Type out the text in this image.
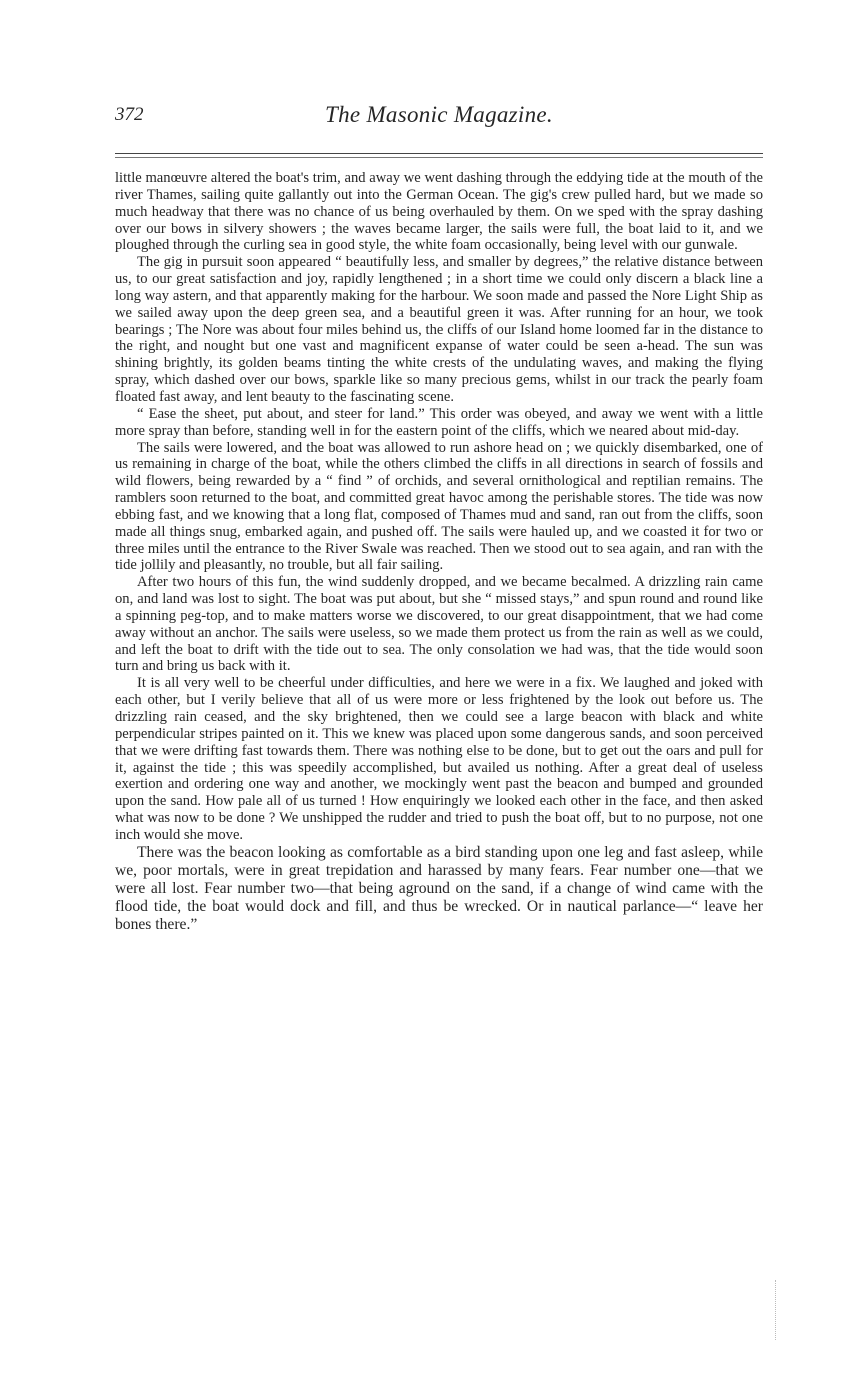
372	The Masonic Magazine.

little manœuvre altered the boat's trim, and away we went dashing through the eddying tide at the mouth of the river Thames, sailing quite gallantly out into the German Ocean. The gig's crew pulled hard, but we made so much headway that there was no chance of us being overhauled by them. On we sped with the spray dashing over our bows in silvery showers ; the waves became larger, the sails were full, the boat laid to it, and we ploughed through the curling sea in good style, the white foam occasionally, being level with our gunwale.

The gig in pursuit soon appeared “ beautifully less, and smaller by degrees,” the relative distance between us, to our great satisfaction and joy, rapidly lengthened ; in a short time we could only discern a black line a long way astern, and that apparently making for the harbour. We soon made and passed the Nore Light Ship as we sailed away upon the deep green sea, and a beautiful green it was. After running for an hour, we took bearings ; The Nore was about four miles behind us, the cliffs of our Island home loomed far in the distance to the right, and nought but one vast and magnificent expanse of water could be seen a-head. The sun was shining brightly, its golden beams tinting the white crests of the undulating waves, and making the flying spray, which dashed over our bows, sparkle like so many precious gems, whilst in our track the pearly foam floated fast away, and lent beauty to the fascinating scene.

“ Ease the sheet, put about, and steer for land.” This order was obeyed, and away we went with a little more spray than before, standing well in for the eastern point of the cliffs, which we neared about mid-day.

The sails were lowered, and the boat was allowed to run ashore head on ; we quickly disembarked, one of us remaining in charge of the boat, while the others climbed the cliffs in all directions in search of fossils and wild flowers, being rewarded by a “ find ” of orchids, and several ornithological and reptilian remains. The ramblers soon returned to the boat, and committed great havoc among the perishable stores. The tide was now ebbing fast, and we knowing that a long flat, composed of Thames mud and sand, ran out from the cliffs, soon made all things snug, embarked again, and pushed off. The sails were hauled up, and we coasted it for two or three miles until the entrance to the River Swale was reached. Then we stood out to sea again, and ran with the tide jollily and pleasantly, no trouble, but all fair sailing.

After two hours of this fun, the wind suddenly dropped, and we became becalmed. A drizzling rain came on, and land was lost to sight. The boat was put about, but she “ missed stays,” and spun round and round like a spinning peg-top, and to make matters worse we discovered, to our great disappointment, that we had come away without an anchor. The sails were useless, so we made them protect us from the rain as well as we could, and left the boat to drift with the tide out to sea. The only consolation we had was, that the tide would soon turn and bring us back with it.

It is all very well to be cheerful under difficulties, and here we were in a fix. We laughed and joked with each other, but I verily believe that all of us were more or less frightened by the look out before us. The drizzling rain ceased, and the sky brightened, then we could see a large beacon with black and white perpendicular stripes painted on it. This we knew was placed upon some dangerous sands, and soon perceived that we were drifting fast towards them. There was nothing else to be done, but to get out the oars and pull for it, against the tide ; this was speedily accomplished, but availed us nothing. After a great deal of useless exertion and ordering one way and another, we mockingly went past the beacon and bumped and grounded upon the sand. How pale all of us turned ! How enquiringly we looked each other in the face, and then asked what was now to be done ? We unshipped the rudder and tried to push the boat off, but to no purpose, not one inch would she move.

There was the beacon looking as comfortable as a bird standing upon one leg and fast asleep, while we, poor mortals, were in great trepidation and harassed by many fears. Fear number one—that we were all lost. Fear number two—that being aground on the sand, if a change of wind came with the flood tide, the boat would dock and fill, and thus be wrecked. Or in nautical parlance—“ leave her bones there.”
